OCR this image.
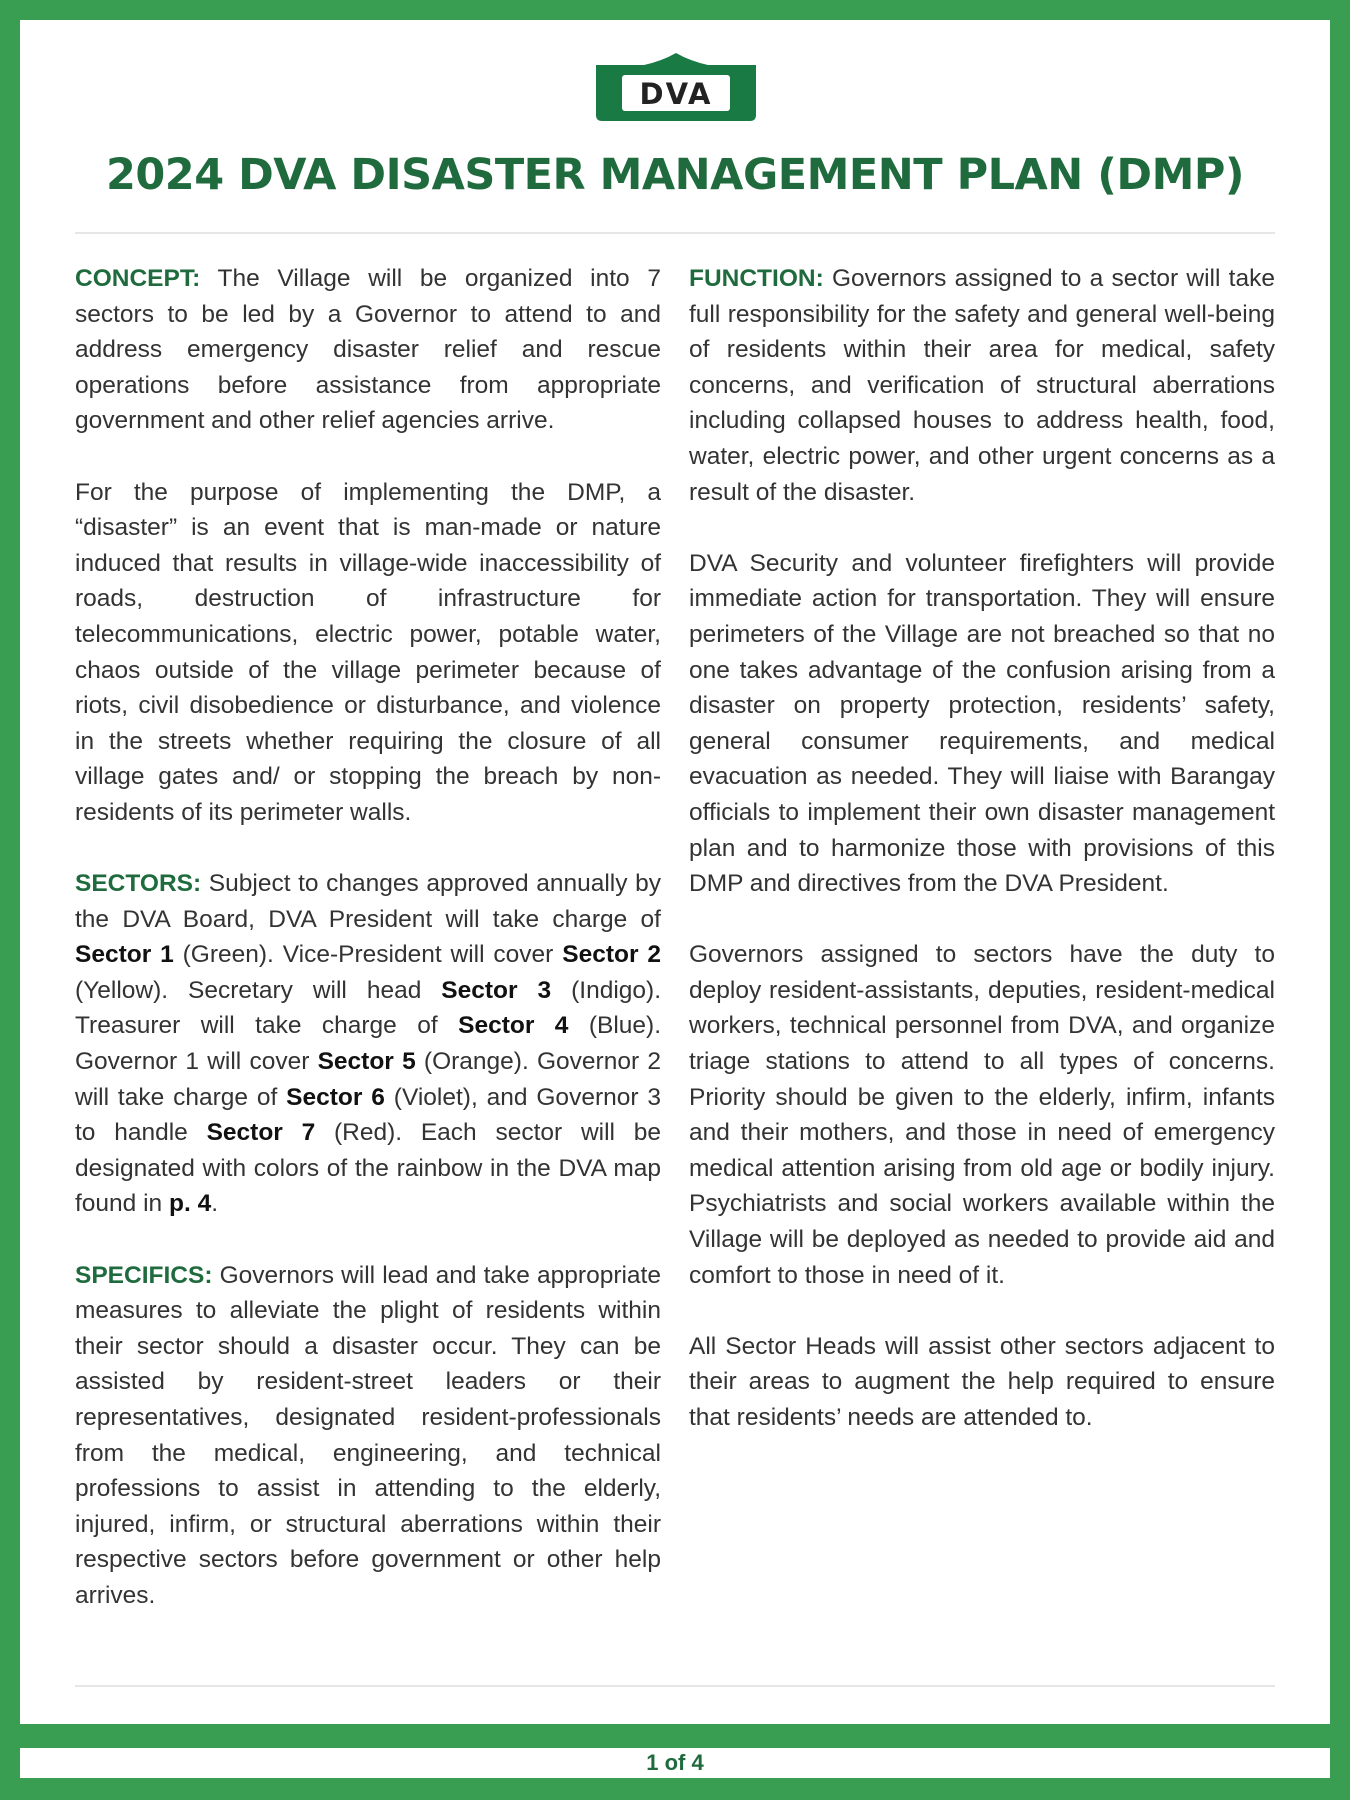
DVA
2024 DVA DISASTER MANAGEMENT PLAN (DMP)

CONCEPT: The Village will be organized into 7 sectors to be led by a Governor to attend to and address emergency disaster relief and rescue operations before assistance from appropriate government and other relief agencies arrive.

For the purpose of implementing the DMP, a “disaster” is an event that is man-made or nature induced that results in village-wide inaccessibility of roads, destruction of infrastructure for telecommunications, electric power, potable water, chaos outside of the village perimeter because of riots, civil disobedience or disturbance, and violence in the streets whether requiring the closure of all village gates and/ or stopping the breach by non-residents of its perimeter walls.

SECTORS: Subject to changes approved annually by the DVA Board, DVA President will take charge of Sector 1 (Green). Vice-President will cover Sector 2 (Yellow). Secretary will head Sector 3 (Indigo). Treasurer will take charge of Sector 4 (Blue). Governor 1 will cover Sector 5 (Orange). Governor 2 will take charge of Sector 6 (Violet), and Governor 3 to handle Sector 7 (Red). Each sector will be designated with colors of the rainbow in the DVA map found in p. 4.

SPECIFICS: Governors will lead and take appropriate measures to alleviate the plight of residents within their sector should a disaster occur. They can be assisted by resident-street leaders or their representatives, designated resident-professionals from the medical, engineering, and technical professions to assist in attending to the elderly, injured, infirm, or structural aberrations within their respective sectors before government or other help arrives.

FUNCTION: Governors assigned to a sector will take full responsibility for the safety and general well-being of residents within their area for medical, safety concerns, and verification of structural aberrations including collapsed houses to address health, food, water, electric power, and other urgent concerns as a result of the disaster.

DVA Security and volunteer firefighters will provide immediate action for transportation. They will ensure perimeters of the Village are not breached so that no one takes advantage of the confusion arising from a disaster on property protection, residents’ safety, general consumer requirements, and medical evacuation as needed. They will liaise with Barangay officials to implement their own disaster management plan and to harmonize those with provisions of this DMP and directives from the DVA President.

Governors assigned to sectors have the duty to deploy resident-assistants, deputies, resident-medical workers, technical personnel from DVA, and organize triage stations to attend to all types of concerns. Priority should be given to the elderly, infirm, infants and their mothers, and those in need of emergency medical attention arising from old age or bodily injury. Psychiatrists and social workers available within the Village will be deployed as needed to provide aid and comfort to those in need of it.

All Sector Heads will assist other sectors adjacent to their areas to augment the help required to ensure that residents’ needs are attended to.

1 of 4
